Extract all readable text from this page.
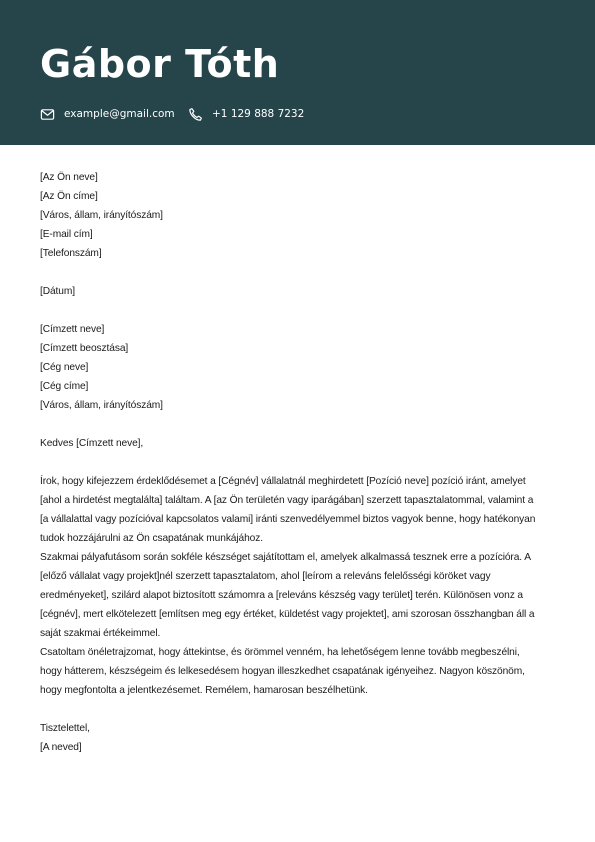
Gábor Tóth
example@gmail.com	+1 129 888 7232
[Az Ön neve]
[Az Ön címe]
[Város, állam, irányítószám]
[E-mail cím]
[Telefonszám]
[Dátum]
[Címzett neve]
[Címzett beosztása]
[Cég neve]
[Cég címe]
[Város, állam, irányítószám]
Kedves [Címzett neve],
Írok, hogy kifejezzem érdeklődésemet a [Cégnév] vállalatnál meghirdetett [Pozíció neve] pozíció iránt, amelyet
[ahol a hirdetést megtalálta] találtam. A [az Ön területén vagy iparágában] szerzett tapasztalatommal, valamint a
[a vállalattal vagy pozícióval kapcsolatos valami] iránti szenvedélyemmel biztos vagyok benne, hogy hatékonyan
tudok hozzájárulni az Ön csapatának munkájához.
Szakmai pályafutásom során sokféle készséget sajátítottam el, amelyek alkalmassá tesznek erre a pozícióra. A
[előző vállalat vagy projekt]nél szerzett tapasztalatom, ahol [leírom a releváns felelősségi köröket vagy
eredményeket], szilárd alapot biztosított számomra a [releváns készség vagy terület] terén. Különösen vonz a
[cégnév], mert elkötelezett [említsen meg egy értéket, küldetést vagy projektet], ami szorosan összhangban áll a
saját szakmai értékeimmel.
Csatoltam önéletrajzomat, hogy áttekintse, és örömmel venném, ha lehetőségem lenne tovább megbeszélni,
hogy hátterem, készségeim és lelkesedésem hogyan illeszkedhet csapatának igényeihez. Nagyon köszönöm,
hogy megfontolta a jelentkezésemet. Remélem, hamarosan beszélhetünk.
Tisztelettel,
[A neved]
